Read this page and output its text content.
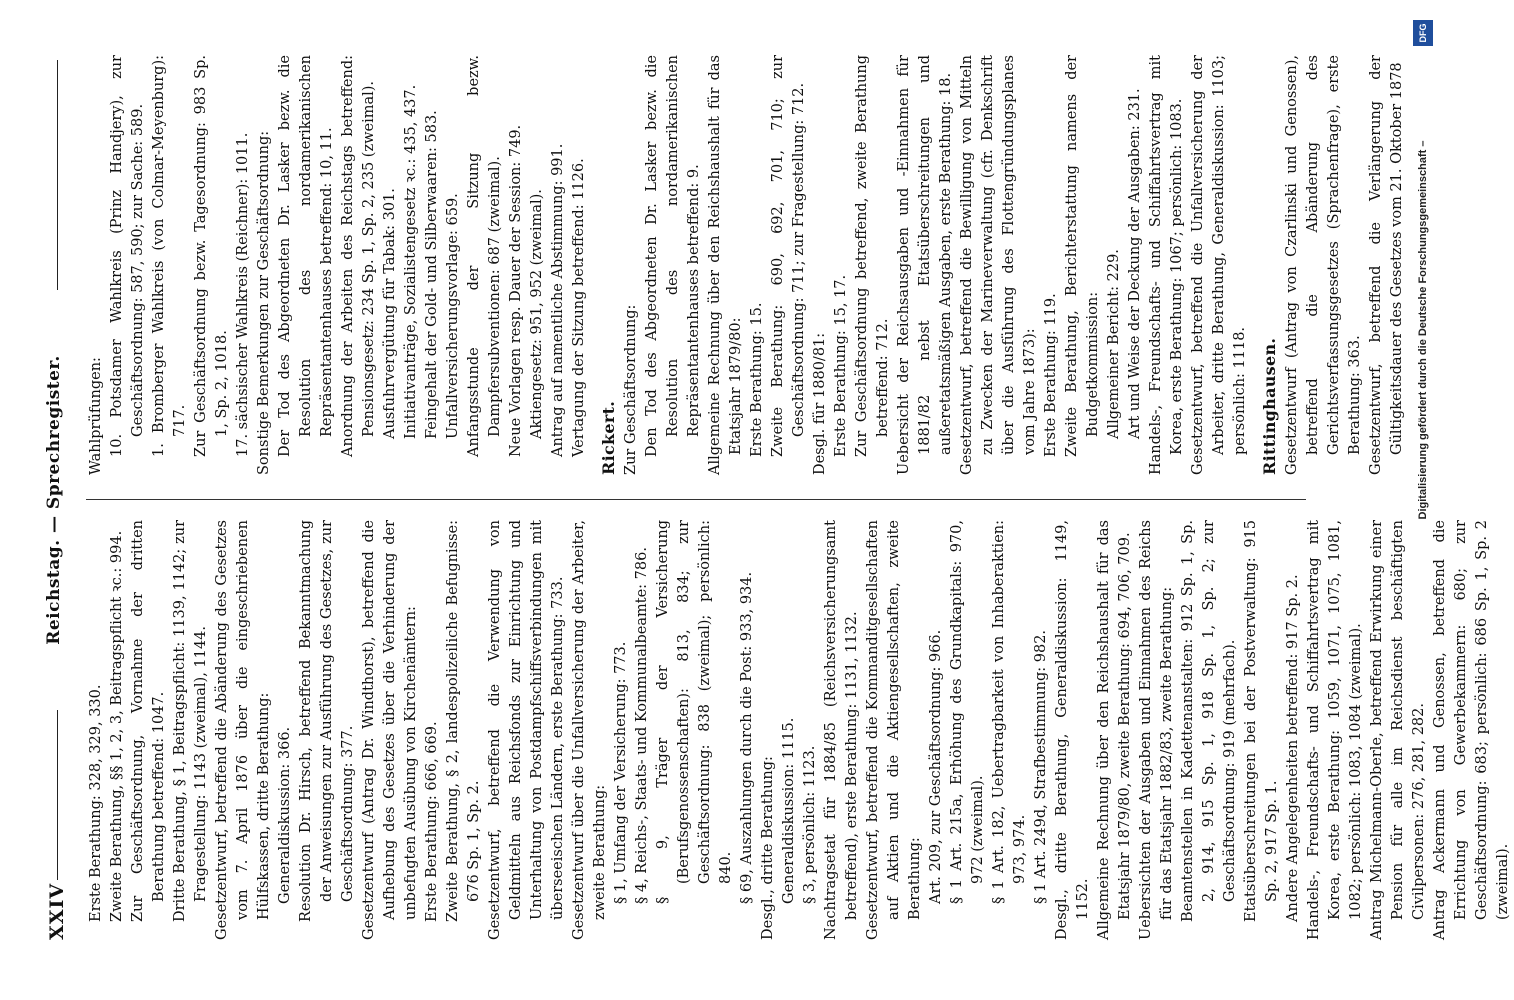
XXIV
Reichstag. — Sprechregister.

Erste Berathung: 328, 329, 330. Zweite Berathung, §§ 1, 2, 3, Beitragspflicht ꝛc.: 994. Zur Geschäftsordnung, Vornahme der dritten Berathung betreffend: 1047. Dritte Berathung, § 1, Beitragspflicht: 1139, 1142; zur Fragestellung: 1143 (zweimal), 1144. Gesetzentwurf, betreffend die Abänderung des Gesetzes vom 7. April 1876 über die eingeschriebenen Hülfskassen, dritte Berathung: Generaldiskussion: 366. Resolution Dr. Hirsch, betreffend Bekanntmachung der Anweisungen zur Ausführung des Gesetzes, zur Geschäftsordnung: 377. Gesetzentwurf (Antrag Dr. Windthorst), betreffend die Aufhebung des Gesetzes über die Verhinderung der unbefugten Ausübung von Kirchenämtern: Erste Berathung: 666, 669. Zweite Berathung, § 2, landespolizeiliche Befugnisse: 676 Sp. 1, Sp. 2. Gesetzentwurf, betreffend die Verwendung von Geldmitteln aus Reichsfonds zur Einrichtung und Unterhaltung von Postdampfschiffsverbindungen mit überseeischen Ländern, erste Berathung: 733. Gesetzentwurf über die Unfallversicherung der Arbeiter, zweite Berathung: § 1, Umfang der Versicherung: 773. § 4, Reichs-, Staats- und Kommunalbeamte: 786. § 9, Träger der Versicherung (Berufsgenossenschaften): 813, 834; zur Geschäftsordnung: 838 (zweimal); persönlich: 840. § 69, Auszahlungen durch die Post: 933, 934. Desgl., dritte Berathung: Generaldiskussion: 1115. § 3, persönlich: 1123. Nachtragsetat für 1884/85 (Reichsversicherungsamt betreffend), erste Berathung: 1131, 1132. Gesetzentwurf, betreffend die Kommanditgesellschaften auf Aktien und die Aktiengesellschaften, zweite Berathung: Art. 209, zur Geschäftsordnung: 966. § 1 Art. 215a, Erhöhung des Grundkapitals: 970, 972 (zweimal). § 1 Art. 182, Uebertragbarkeit von Inhaberaktien: 973, 974. § 1 Art. 249d, Strafbestimmung: 982. Desgl., dritte Berathung, Generaldiskussion: 1149, 1152. Allgemeine Rechnung über den Reichshaushalt für das Etatsjahr 1879/80, zweite Berathung: 694, 706, 709. Uebersichten der Ausgaben und Einnahmen des Reichs für das Etatsjahr 1882/83, zweite Berathung: Beamtenstellen in Kadettenanstalten: 912 Sp. 1, Sp. 2, 914, 915 Sp. 1, 918 Sp. 1, Sp. 2; zur Geschäftsordnung: 919 (mehrfach). Etatsüberschreitungen bei der Postverwaltung: 915 Sp. 2, 917 Sp. 1. Andere Angelegenheiten betreffend: 917 Sp. 2. Handels-, Freundschafts- und Schiffahrtsvertrag mit Korea, erste Berathung: 1059, 1071, 1075, 1081, 1082; persönlich: 1083, 1084 (zweimal). Antrag Michelmann-Oberle, betreffend Erwirkung einer Pension für alle im Reichsdienst beschäftigten Civilpersonen: 276, 281, 282. Antrag Ackermann und Genossen, betreffend die Errichtung von Gewerbekammern: 680; zur Geschäftsordnung: 683; persönlich: 686 Sp. 1, Sp. 2 (zweimal).

Wahlprüfungen: 10. Potsdamer Wahlkreis (Prinz Handjery), zur Geschäftsordnung: 587, 590; zur Sache: 589. 1. Bromberger Wahlkreis (von Colmar-Meyenburg): 717. Zur Geschäftsordnung bezw. Tagesordnung: 983 Sp. 1, Sp. 2, 1018. 17. sächsischer Wahlkreis (Reichner): 1011. Sonstige Bemerkungen zur Geschäftsordnung: Der Tod des Abgeordneten Dr. Lasker bezw. die Resolution des nordamerikanischen Repräsentantenhauses betreffend: 10, 11. Anordnung der Arbeiten des Reichstags betreffend: Pensionsgesetz: 234 Sp. 1, Sp. 2, 235 (zweimal). Ausfuhrvergütung für Tabak: 301. Initiativanträge, Sozialistengesetz ꝛc.: 435, 437. Feingehalt der Gold- und Silberwaaren: 583. Unfallversicherungsvorlage: 659. Anfangsstunde der Sitzung bezw. Dampfersubventionen: 687 (zweimal). Neue Vorlagen resp. Dauer der Session: 749. Aktiengesetz: 951, 952 (zweimal). Antrag auf namentliche Abstimmung: 991. Vertagung der Sitzung betreffend: 1126. Rickert. Zur Geschäftsordnung: Den Tod des Abgeordneten Dr. Lasker bezw. die Resolution des nordamerikanischen Repräsentantenhauses betreffend: 9. Allgemeine Rechnung über den Reichshaushalt für das Etatsjahr 1879/80: Erste Berathung: 15. Zweite Berathung: 690, 692, 701, 710; zur Geschäftsordnung: 711; zur Fragestellung: 712. Desgl. für 1880/81: Erste Berathung: 15, 17. Zur Geschäftsordnung betreffend, zweite Berathung betreffend: 712. Uebersicht der Reichsausgaben und -Einnahmen für 1881/82 nebst Etatsüberschreitungen und außeretatsmäßigen Ausgaben, erste Berathung: 18. Gesetzentwurf, betreffend die Bewilligung von Mitteln zu Zwecken der Marineverwaltung (cfr. Denkschrift über die Ausführung des Flottengründungsplanes vom Jahre 1873): Erste Berathung: 119. Zweite Berathung, Berichterstattung namens der Budgetkommission: Allgemeiner Bericht: 229. Art und Weise der Deckung der Ausgaben: 231. Handels-, Freundschafts- und Schiffahrtsvertrag mit Korea, erste Berathung: 1067; persönlich: 1083. Gesetzentwurf, betreffend die Unfallversicherung der Arbeiter, dritte Berathung, Generaldiskussion: 1103; persönlich: 1118. Rittinghausen. Gesetzentwurf (Antrag von Czarlinski und Genossen), betreffend die Abänderung des Gerichtsverfassungsgesetzes (Sprachenfrage), erste Berathung: 363. Gesetzentwurf, betreffend die Verlängerung der Gültigkeitsdauer des Gesetzes vom 21. Oktober 1878

DFG
Digitalisierung gefördert durch die Deutsche Forschungsgemeinschaft –
